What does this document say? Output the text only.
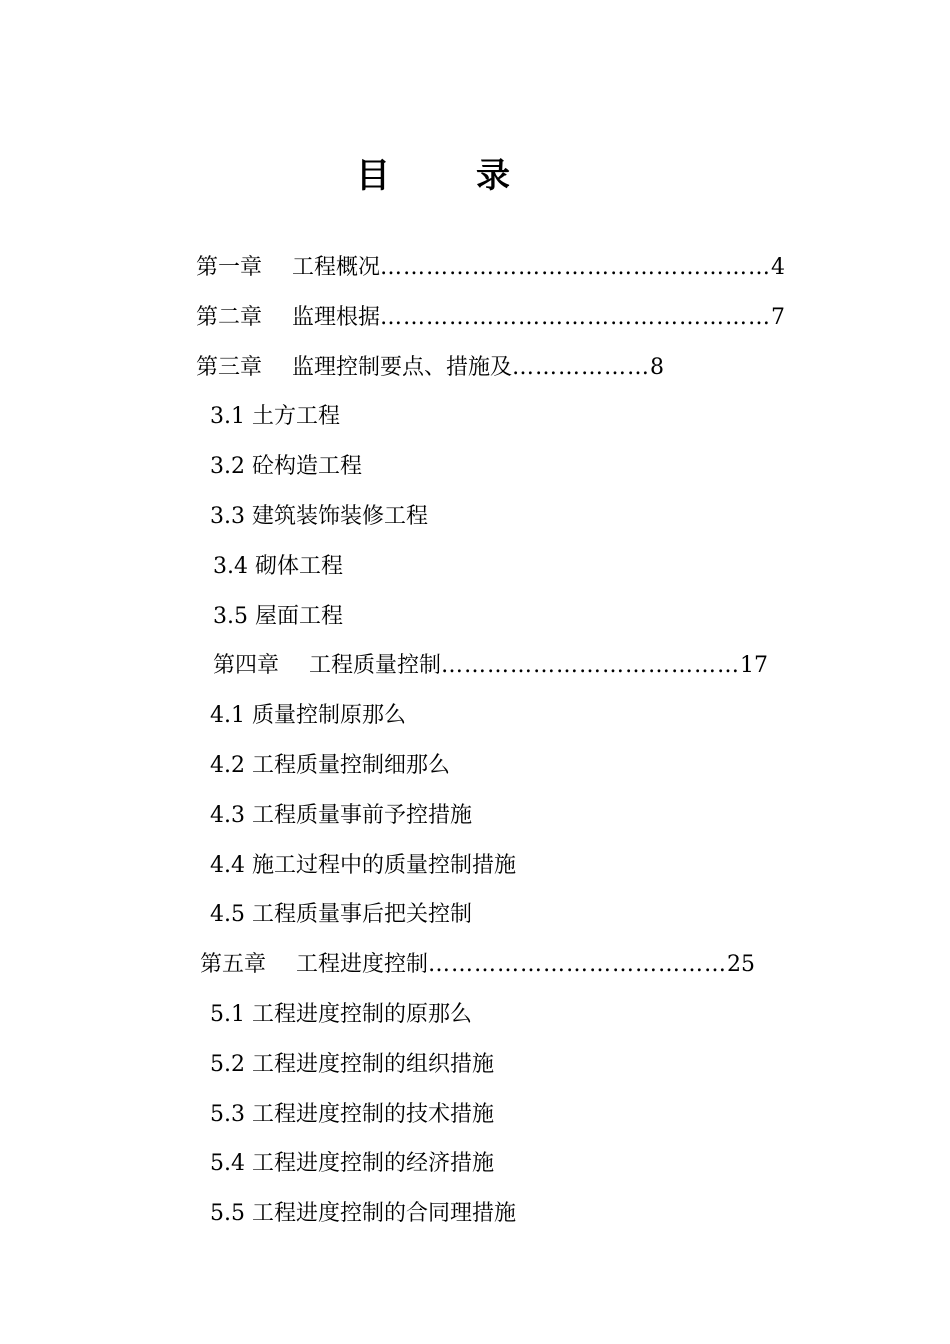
目	录
第一章 工程概况……………………………………………4
第二章 监理根据……………………………………………7
第三章 监理控制要点、措施及………………8
3.1 土方工程
3.2 砼构造工程
3.3 建筑装饰装修工程
3.4 砌体工程
3.5 屋面工程
第四章 工程质量控制…………………………………17
4.1 质量控制原那么
4.2 工程质量控制细那么
4.3 工程质量事前予控措施
4.4 施工过程中的质量控制措施
4.5 工程质量事后把关控制
第五章 工程进度控制…………………………………25
5.1 工程进度控制的原那么
5.2 工程进度控制的组织措施
5.3 工程进度控制的技术措施
5.4 工程进度控制的经济措施
5.5 工程进度控制的合同理措施
